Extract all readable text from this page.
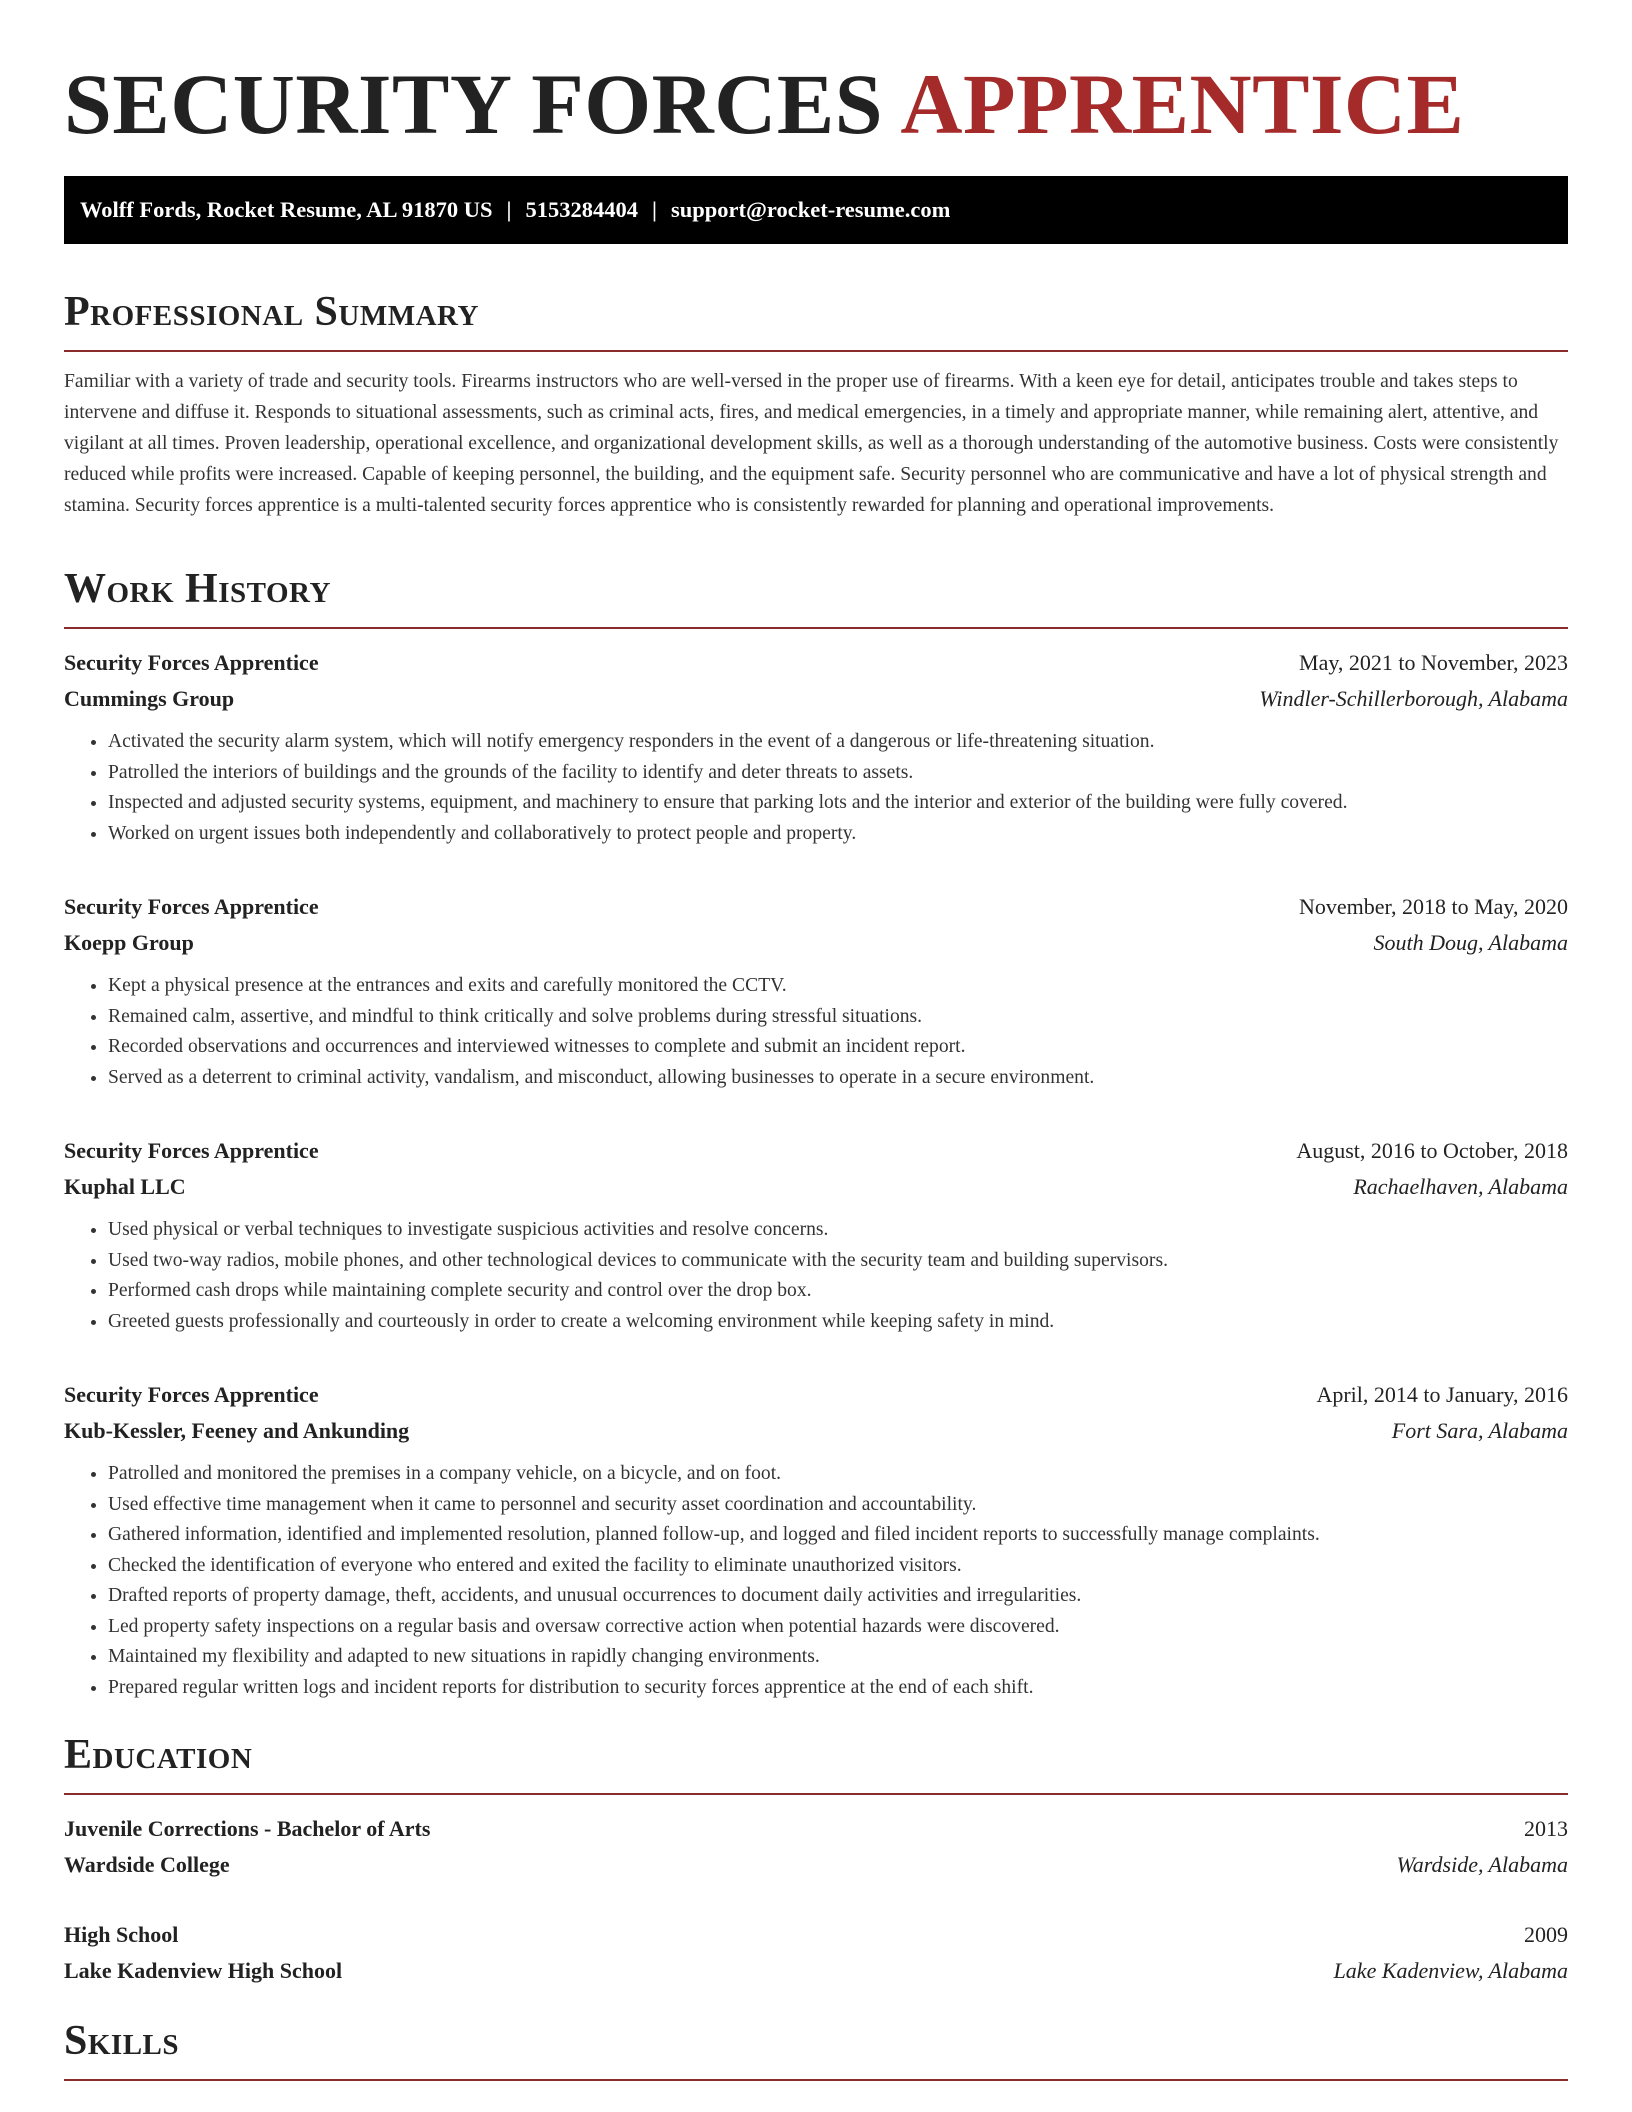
SECURITY FORCES APPRENTICE
Wolff Fords, Rocket Resume, AL 91870 US | 5153284404 | support@rocket-resume.com
Professional Summary

Familiar with a variety of trade and security tools. Firearms instructors who are well-versed in the proper use of firearms. With a keen eye for detail, anticipates trouble and takes steps to intervene and diffuse it. Responds to situational assessments, such as criminal acts, fires, and medical emergencies, in a timely and appropriate manner, while remaining alert, attentive, and vigilant at all times. Proven leadership, operational excellence, and organizational development skills, as well as a thorough understanding of the automotive business. Costs were consistently reduced while profits were increased. Capable of keeping personnel, the building, and the equipment safe. Security personnel who are communicative and have a lot of physical strength and stamina. Security forces apprentice is a multi-talented security forces apprentice who is consistently rewarded for planning and operational improvements.

Work History
Security Forces Apprentice	May, 2021 to November, 2023
Cummings Group	Windler-Schillerborough, Alabama
• Activated the security alarm system, which will notify emergency responders in the event of a dangerous or life-threatening situation.
• Patrolled the interiors of buildings and the grounds of the facility to identify and deter threats to assets.
• Inspected and adjusted security systems, equipment, and machinery to ensure that parking lots and the interior and exterior of the building were fully covered.
• Worked on urgent issues both independently and collaboratively to protect people and property.
Security Forces Apprentice	November, 2018 to May, 2020
Koepp Group	South Doug, Alabama
• Kept a physical presence at the entrances and exits and carefully monitored the CCTV.
• Remained calm, assertive, and mindful to think critically and solve problems during stressful situations.
• Recorded observations and occurrences and interviewed witnesses to complete and submit an incident report.
• Served as a deterrent to criminal activity, vandalism, and misconduct, allowing businesses to operate in a secure environment.
Security Forces Apprentice	August, 2016 to October, 2018
Kuphal LLC	Rachaelhaven, Alabama
• Used physical or verbal techniques to investigate suspicious activities and resolve concerns.
• Used two-way radios, mobile phones, and other technological devices to communicate with the security team and building supervisors.
• Performed cash drops while maintaining complete security and control over the drop box.
• Greeted guests professionally and courteously in order to create a welcoming environment while keeping safety in mind.
Security Forces Apprentice	April, 2014 to January, 2016
Kub-Kessler, Feeney and Ankunding	Fort Sara, Alabama
• Patrolled and monitored the premises in a company vehicle, on a bicycle, and on foot.
• Used effective time management when it came to personnel and security asset coordination and accountability.
• Gathered information, identified and implemented resolution, planned follow-up, and logged and filed incident reports to successfully manage complaints.
• Checked the identification of everyone who entered and exited the facility to eliminate unauthorized visitors.
• Drafted reports of property damage, theft, accidents, and unusual occurrences to document daily activities and irregularities.
• Led property safety inspections on a regular basis and oversaw corrective action when potential hazards were discovered.
• Maintained my flexibility and adapted to new situations in rapidly changing environments.
• Prepared regular written logs and incident reports for distribution to security forces apprentice at the end of each shift.
Education
Juvenile Corrections - Bachelor of Arts	2013
Wardside College	Wardside, Alabama
High School	2009
Lake Kadenview High School	Lake Kadenview, Alabama
Skills
